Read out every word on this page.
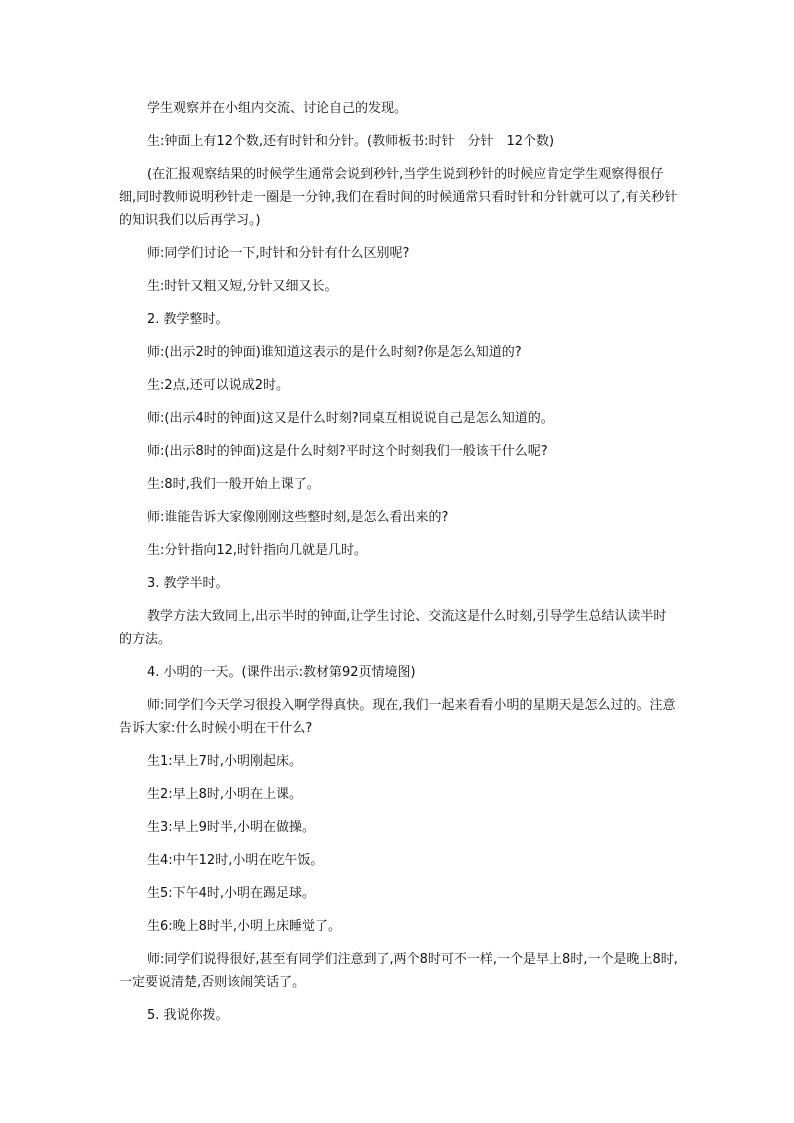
学生观察并在小组内交流、讨论自己的发现。

生:钟面上有12个数,还有时针和分针。(教师板书:时针　分针　12个数)

(在汇报观察结果的时候学生通常会说到秒针,当学生说到秒针的时候应肯定学生观察得很仔细,同时教师说明秒针走一圈是一分钟,我们在看时间的时候通常只看时针和分针就可以了,有关秒针的知识我们以后再学习。)

师:同学们讨论一下,时针和分针有什么区别呢?

生:时针又粗又短,分针又细又长。

2. 教学整时。

师:(出示2时的钟面)谁知道这表示的是什么时刻?你是怎么知道的?

生:2点,还可以说成2时。

师:(出示4时的钟面)这又是什么时刻?同桌互相说说自己是怎么知道的。

师:(出示8时的钟面)这是什么时刻?平时这个时刻我们一般该干什么呢?

生:8时,我们一般开始上课了。

师:谁能告诉大家像刚刚这些整时刻,是怎么看出来的?

生:分针指向12,时针指向几就是几时。

3. 教学半时。

教学方法大致同上,出示半时的钟面,让学生讨论、交流这是什么时刻,引导学生总结认读半时的方法。

4. 小明的一天。(课件出示:教材第92页情境图)

师:同学们今天学习很投入啊学得真快。现在,我们一起来看看小明的星期天是怎么过的。注意告诉大家:什么时候小明在干什么?

生1:早上7时,小明刚起床。

生2:早上8时,小明在上课。

生3:早上9时半,小明在做操。

生4:中午12时,小明在吃午饭。

生5:下午4时,小明在踢足球。

生6:晚上8时半,小明上床睡觉了。

师:同学们说得很好,甚至有同学们注意到了,两个8时可不一样,一个是早上8时,一个是晚上8时,一定要说清楚,否则该闹笑话了。

5. 我说你拨。
